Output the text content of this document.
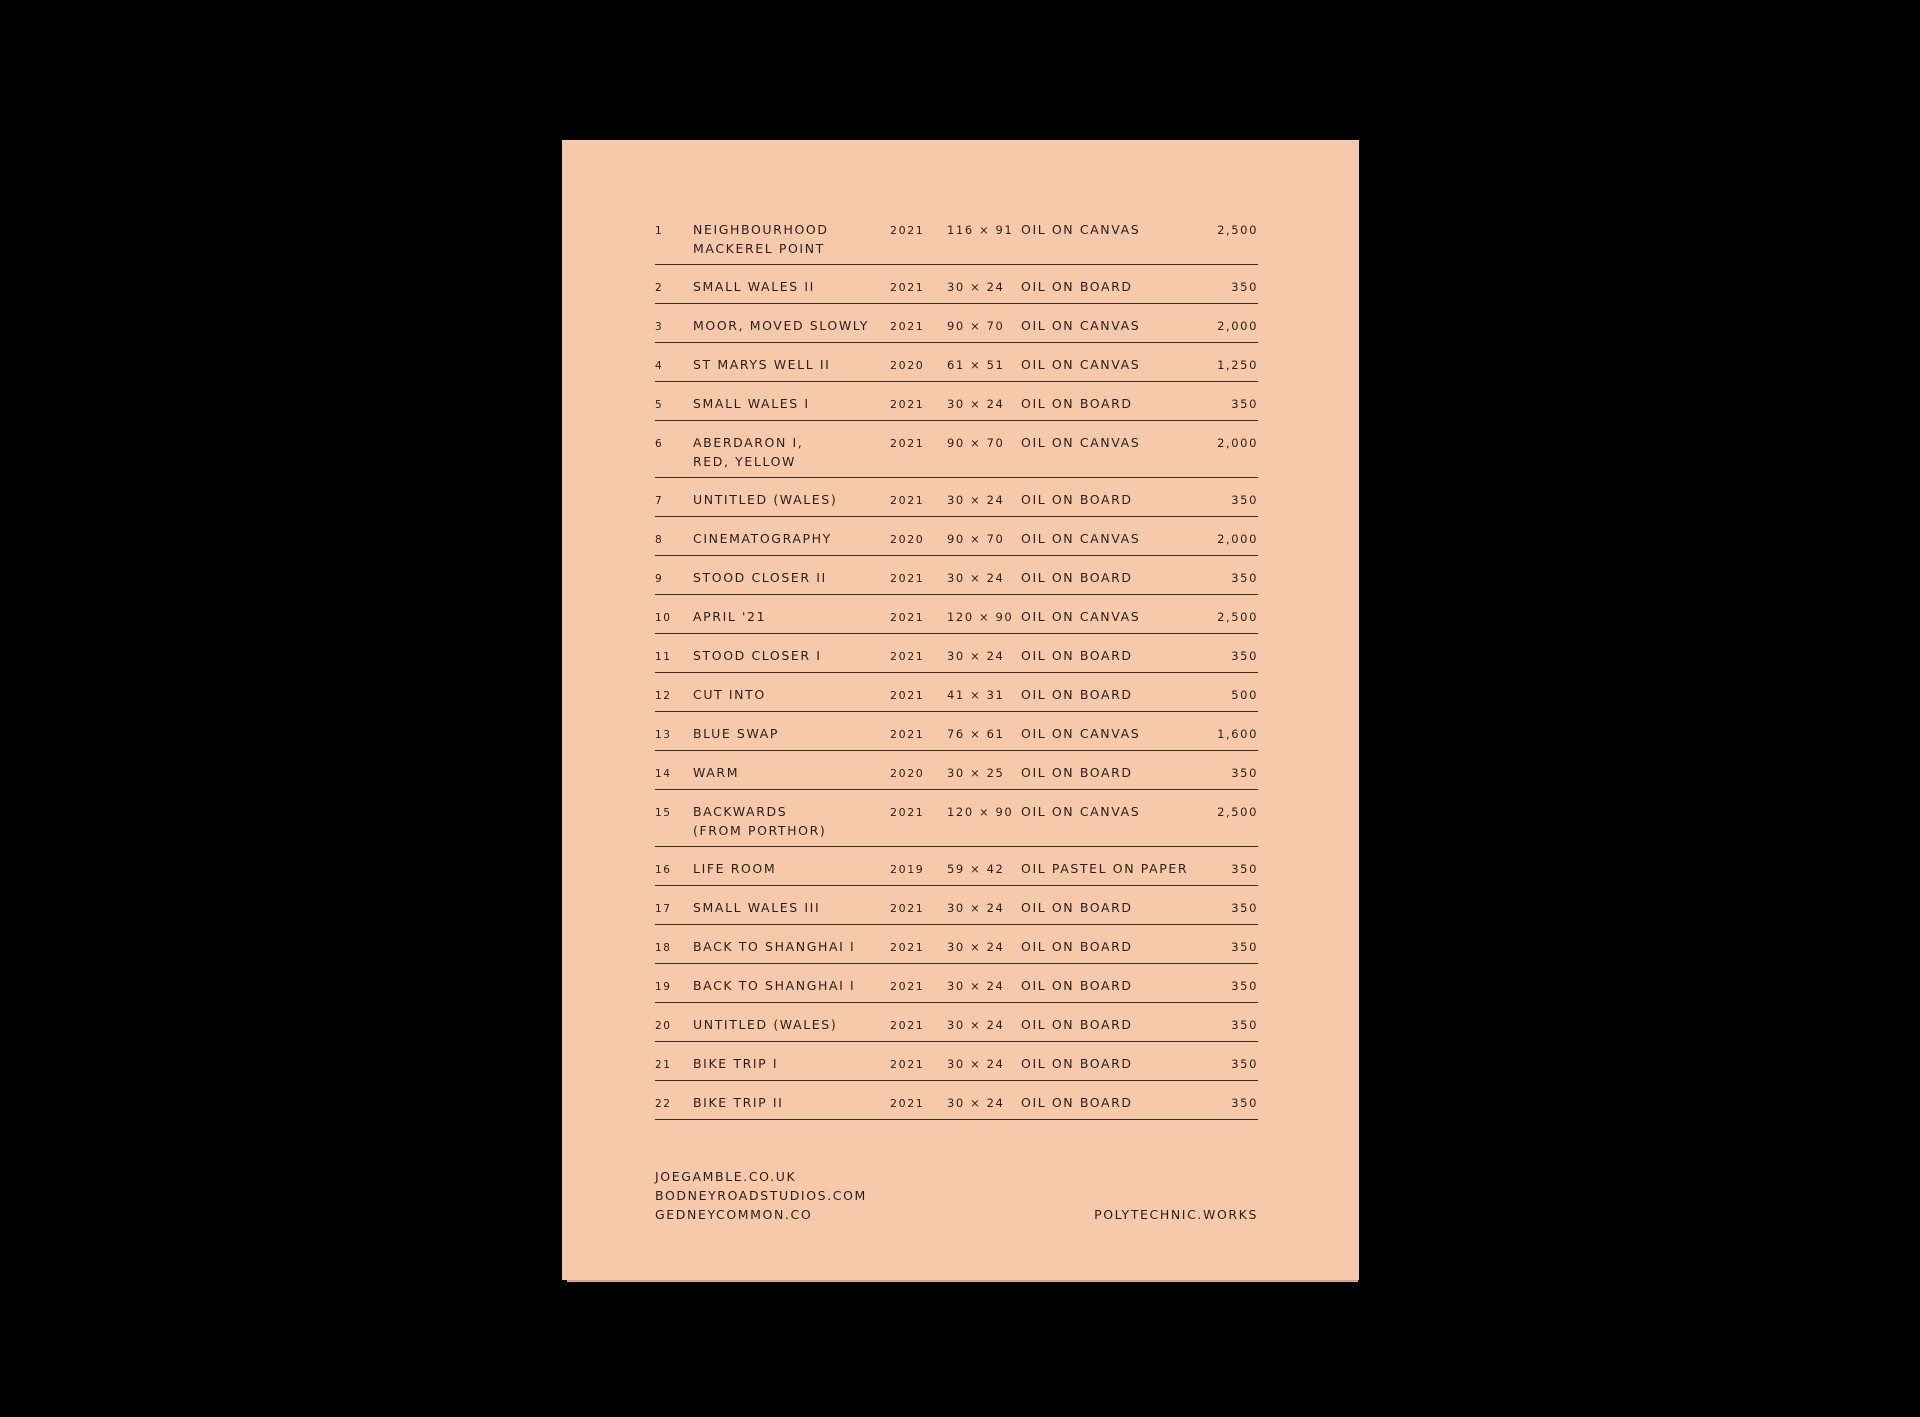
1 NEIGHBOURHOOD
MACKEREL POINT
2021 116 × 91 OIL ON CANVAS	2,500
2 SMALL WALES II	2021 30 × 24 OIL ON BOARD	350
3 MOOR, MOVED SLOWLY 2021 90 × 70 OIL ON CANVAS	2,000
4 ST MARYS WELL II	2020 61 × 51 OIL ON CANVAS	1,250
5 SMALL WALES I	2021 30 × 24 OIL ON BOARD	350
6 ABERDARON I,
RED, YELLOW
2021 90 × 70 OIL ON CANVAS	2,000
7 UNTITLED (WALES)	2021 30 × 24 OIL ON BOARD	350
8 CINEMATOGRAPHY	2020 90 × 70 OIL ON CANVAS	2,000
9 STOOD CLOSER II	2021 30 × 24 OIL ON BOARD	350
10 APRIL '21	2021 120 × 90 OIL ON CANVAS	2,500
11 STOOD CLOSER I	2021 30 × 24 OIL ON BOARD	350
12 CUT INTO	2021 41 × 31 OIL ON BOARD	500
13 BLUE SWAP	2021 76 × 61 OIL ON CANVAS	1,600
14 WARM	2020 30 × 25 OIL ON BOARD	350
15 BACKWARDS
(FROM PORTHOR)
2021 120 × 90 OIL ON CANVAS	2,500
16 LIFE ROOM	2019 59 × 42 OIL PASTEL ON PAPER	350
17 SMALL WALES III	2021 30 × 24 OIL ON BOARD	350
18 BACK TO SHANGHAI I	2021 30 × 24 OIL ON BOARD	350
19 BACK TO SHANGHAI I	2021 30 × 24 OIL ON BOARD	350
20 UNTITLED (WALES)	2021 30 × 24 OIL ON BOARD	350
21 BIKE TRIP I	2021 30 × 24 OIL ON BOARD	350
22 BIKE TRIP II	2021 30 × 24 OIL ON BOARD	350
JOEGAMBLE.CO.UK
BODNEYROADSTUDIOS.COM
GEDNEYCOMMON.CO	POLYTECHNIC.WORKS
